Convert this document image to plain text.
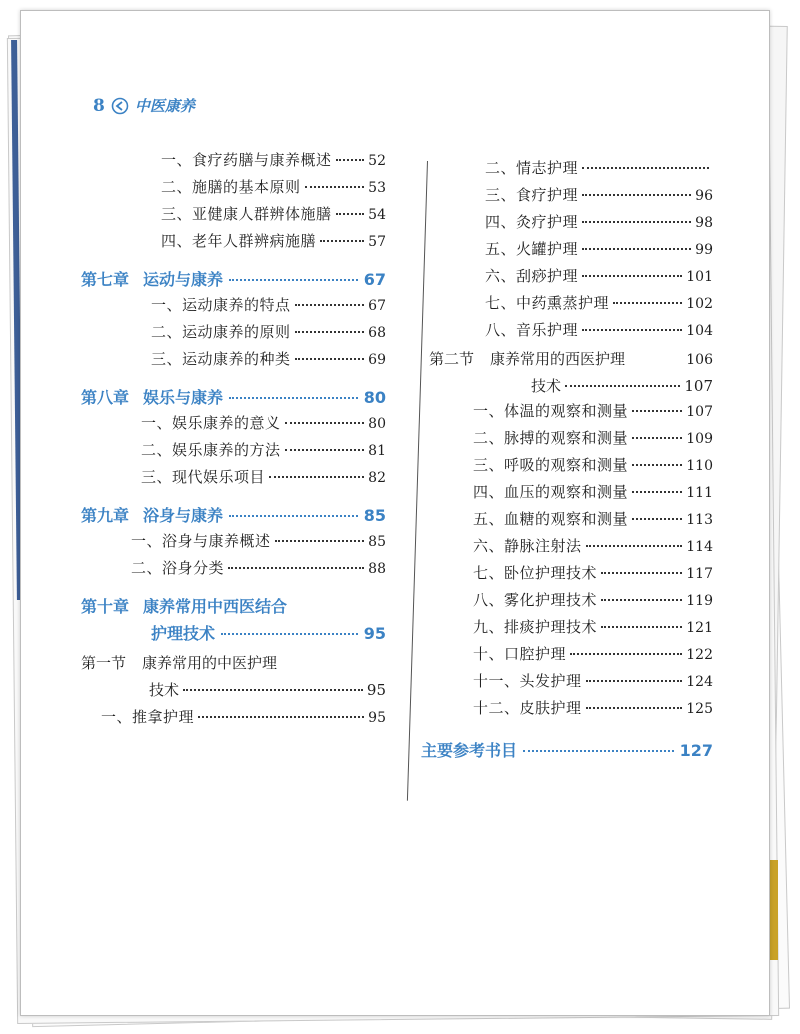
8 中医康养
一、食疗药膳与康养概述	52
二、施膳的基本原则	53
三、亚健康人群辨体施膳	54
四、老年人群辨病施膳	57
第七章 运动与康养	67
一、运动康养的特点	67
二、运动康养的原则	68
三、运动康养的种类	69
第八章 娱乐与康养	80
一、娱乐康养的意义	80
二、娱乐康养的方法	81
三、现代娱乐项目	82
第九章 浴身与康养	85
一、浴身与康养概述	85
二、浴身分类	88
第十章 康养常用中西医结合
护理技术	95
第一节 康养常用的中医护理
技术	95
一、推拿护理	95
二、情志护理
三、食疗护理	96
四、灸疗护理	98
五、火罐护理	99
六、刮痧护理	101
七、中药熏蒸护理	102
八、音乐护理	104
第二节 康养常用的西医护理	106
技术	107
一、体温的观察和测量	107
二、脉搏的观察和测量	109
三、呼吸的观察和测量	110
四、血压的观察和测量	111
五、血糖的观察和测量	113
六、静脉注射法	114
七、卧位护理技术	117
八、雾化护理技术	119
九、排痰护理技术	121
十、口腔护理	122
十一、头发护理	124
十二、皮肤护理	125
主要参考书目	127
